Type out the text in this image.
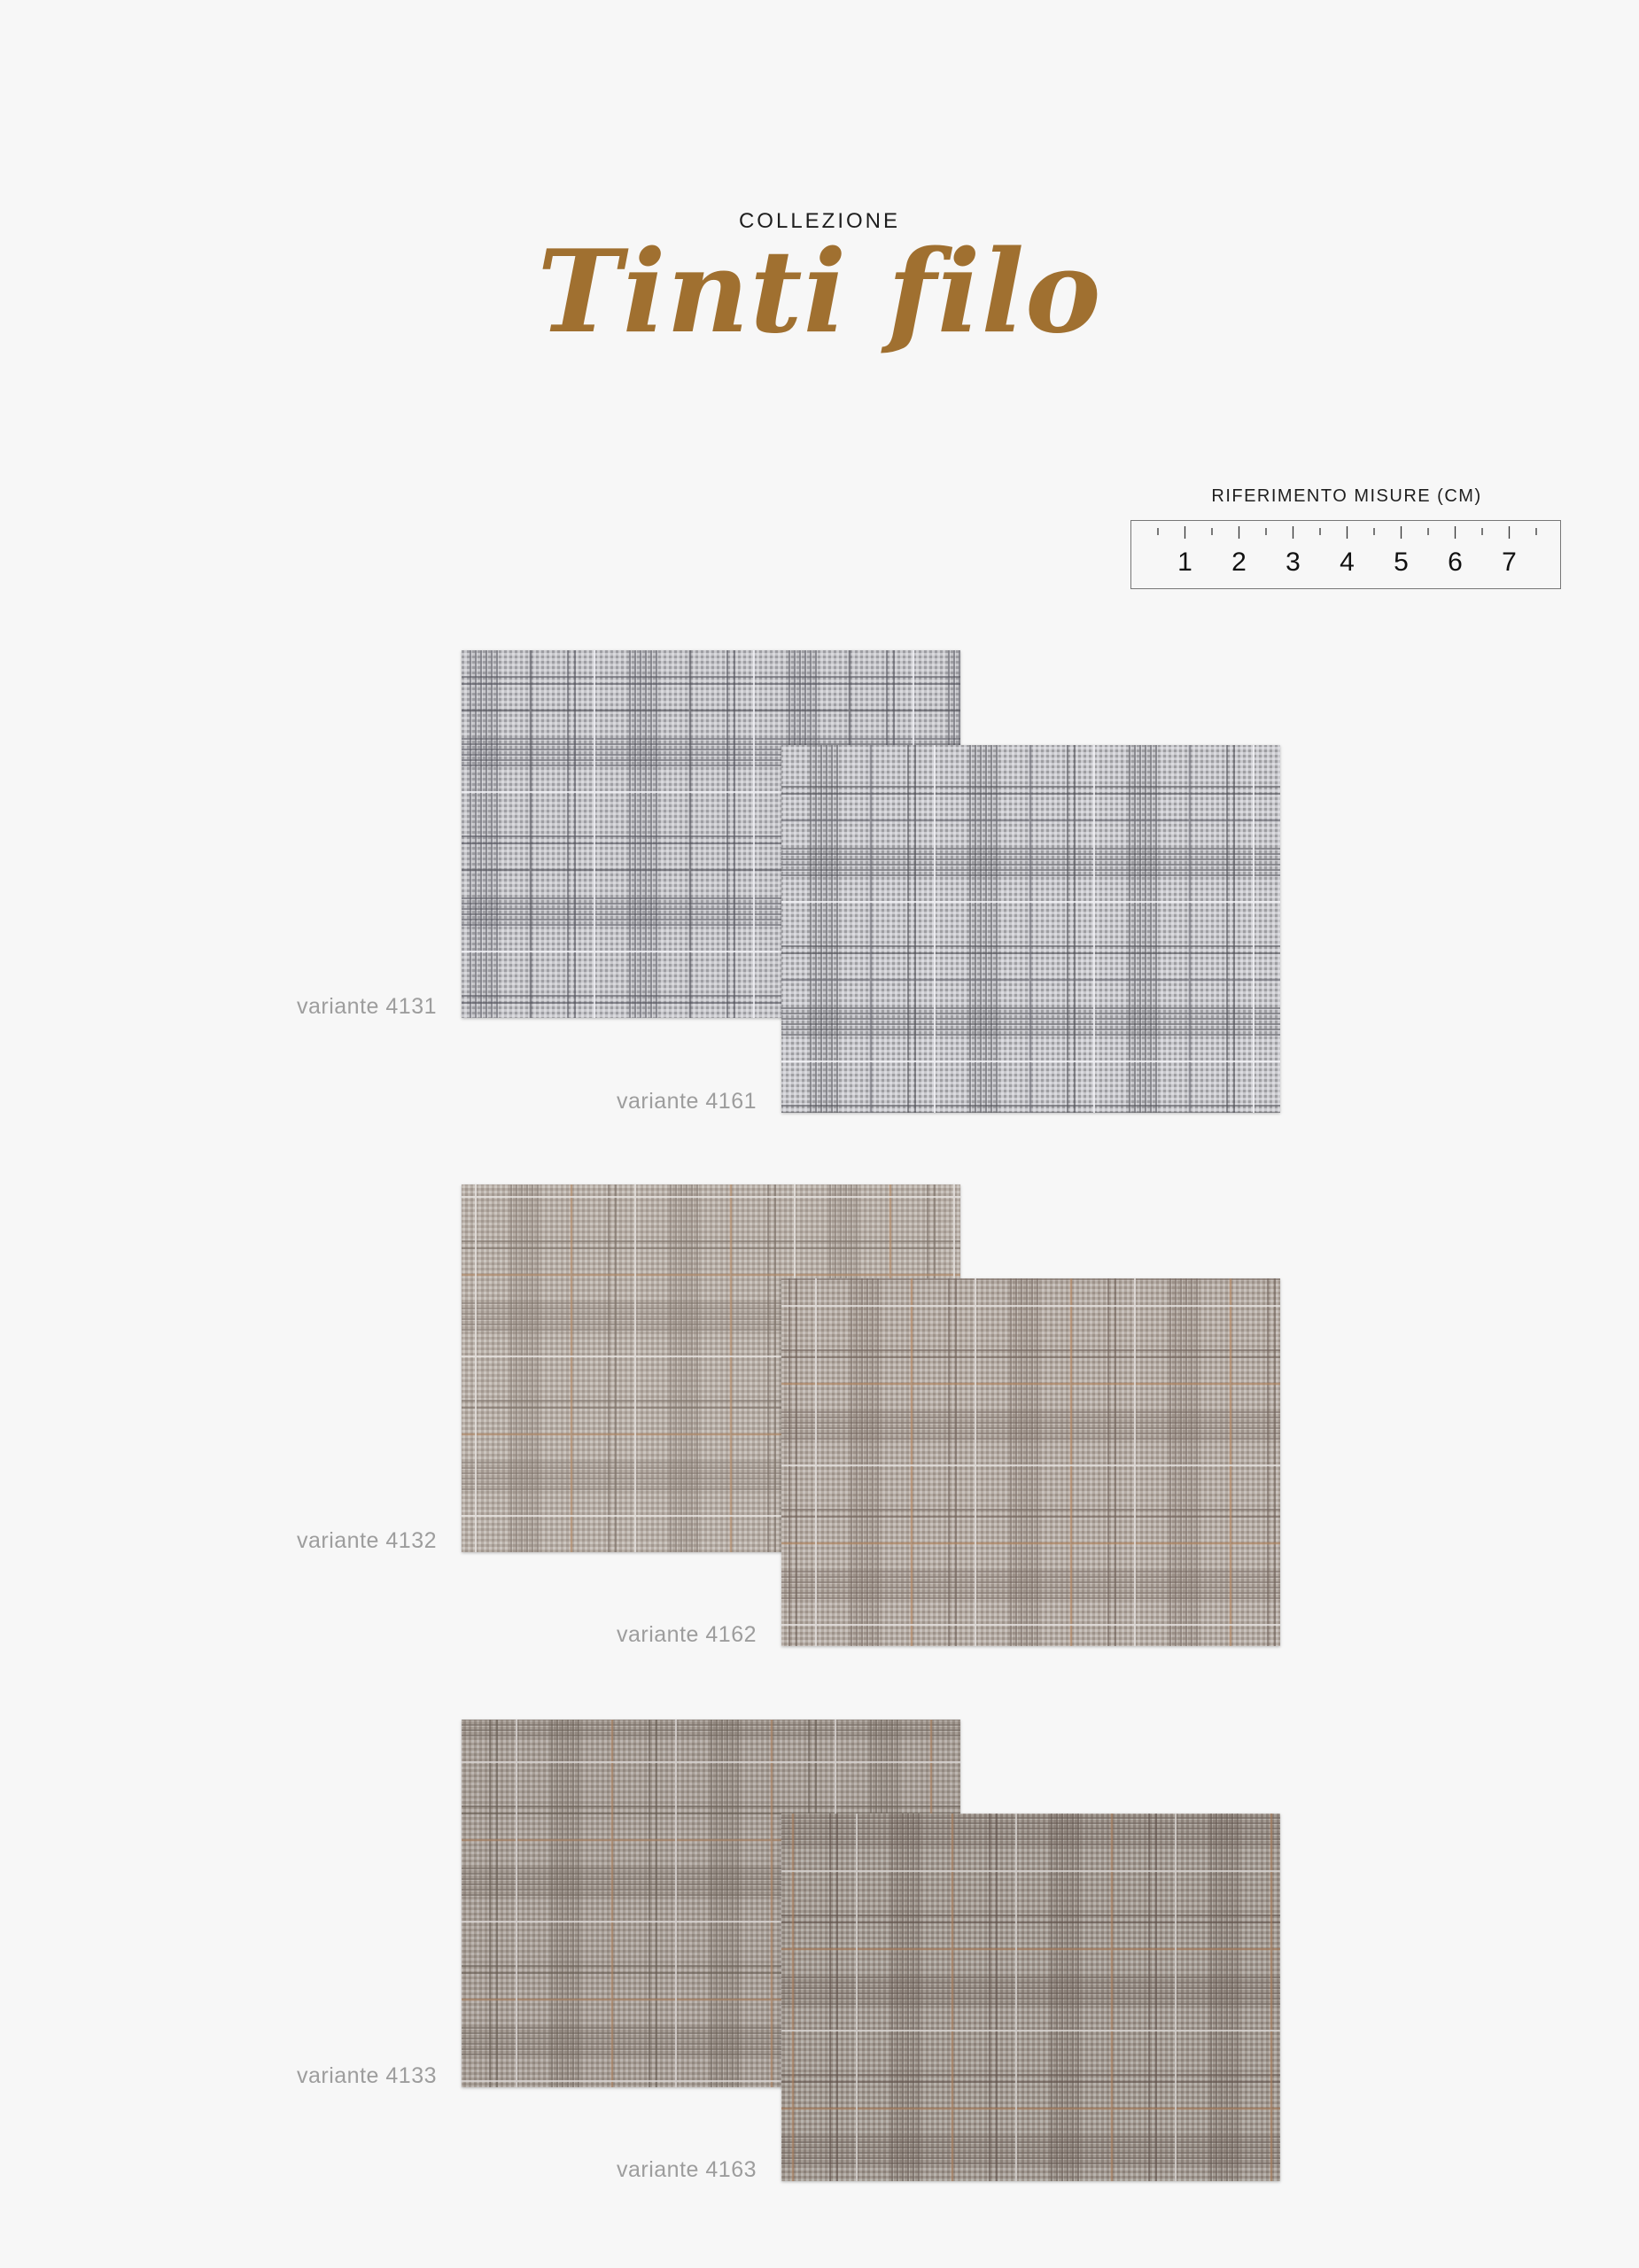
COLLEZIONE
Tinti filo
RIFERIMENTO MISURE (CM)
1	2	3	4	5	6	7
variante 4131
variante 4161
variante 4132
variante 4162
variante 4133
variante 4163
